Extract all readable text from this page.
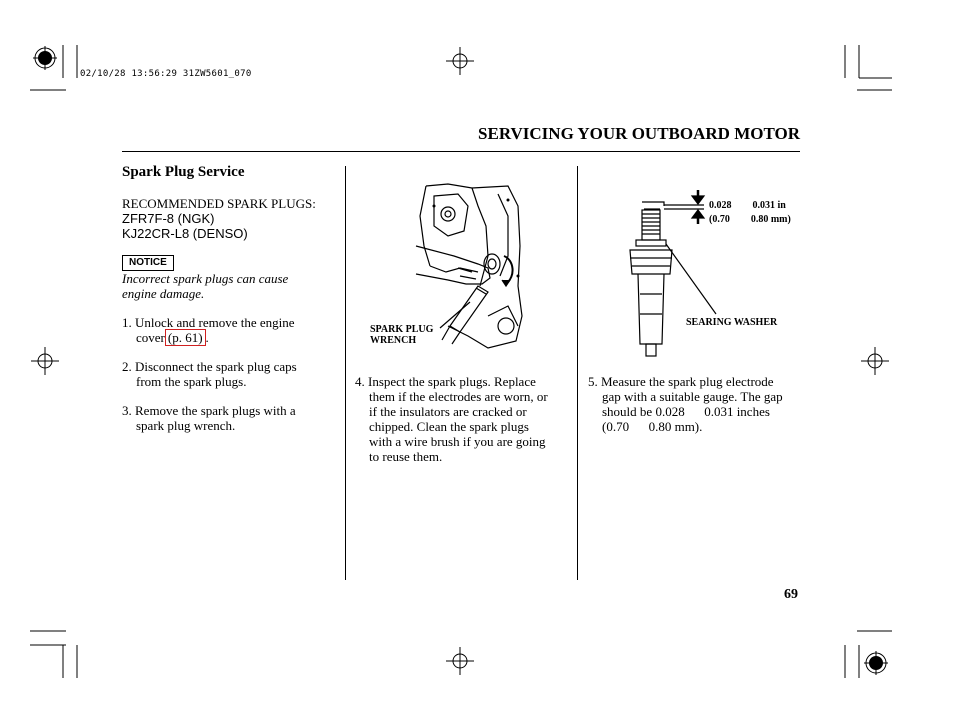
02/10/28 13:56:29 31ZW5601_070
SERVICING YOUR OUTBOARD MOTOR
Spark Plug Service
RECOMMENDED SPARK PLUGS:
ZFR7F-8 (NGK)
KJ22CR-L8 (DENSO)
NOTICE
Incorrect spark plugs can cause
engine damage.
1. Unlock and remove the engine
cover (p. 61) .
2. Disconnect the spark plug caps
from the spark plugs.
3. Remove the spark plugs with a
spark plug wrench.
SPARK PLUG
WRENCH
4. Inspect the spark plugs. Replace
them if the electrodes are worn, or
if the insulators are cracked or
chipped. Clean the spark plugs
with a wire brush if you are going
to reuse them.
0.028 0.031 in
(0.70 0.80 mm)
SEARING WASHER
5. Measure the spark plug electrode
gap with a suitable gauge. The gap
should be 0.028      0.031 inches
(0.70      0.80 mm).
69
